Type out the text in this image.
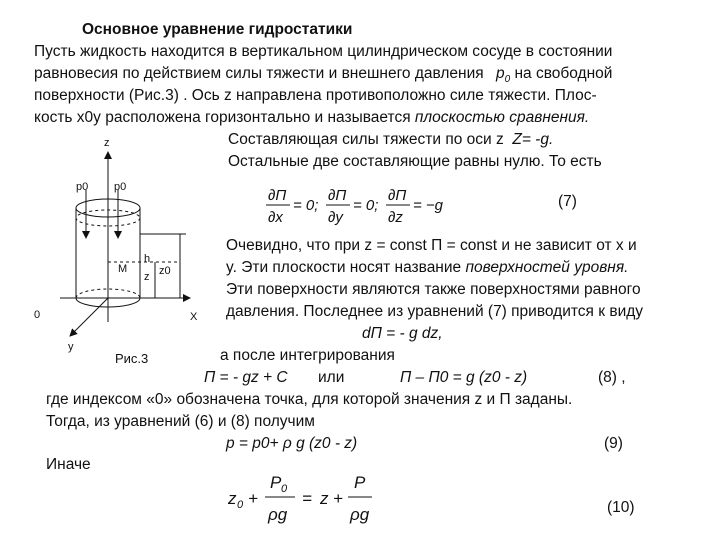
Основное уравнение гидростатики
Пусть жидкость находится в вертикальном цилиндрическом сосуде в состоянии
равновесия по действием силы тяжести и внешнего давления $p_0$ на свободной
поверхности (Рис.3) . Ось z направлена противоположно силе тяжести. Плос-
кость x0y расположена горизонтально и называется плоскостью сравнения.
Составляющая силы тяжести по оси z Z= -g.
Остальные две составляющие равны нулю. То есть
∂П
∂x
= 0;
∂П
∂y
= 0;
∂П
∂z
= −g	(7)
Очевидно, что при z = const П = const и не зависит от x и
y. Эти плоскости носят название поверхностей уровня.
Эти поверхности являются также поверхностями равного
давления. Последнее из уравнений (7) приводится к виду
dП = - g dz,
а после интегрирования
П = - gz + С или	П – П0 = g (z0 - z)	(8) ,
где индексом «0» обозначена точка, для которой значения z и П заданы.
Тогда, из уравнений (6) и (8) получим
p = p0+ ρ g (z0 - z)	(9)
Иначе
z 0 +
P 0
ρg
= z +
P
ρg	(10)
z
p0 p0
M
h
z z0
X
0
y
Рис.3
